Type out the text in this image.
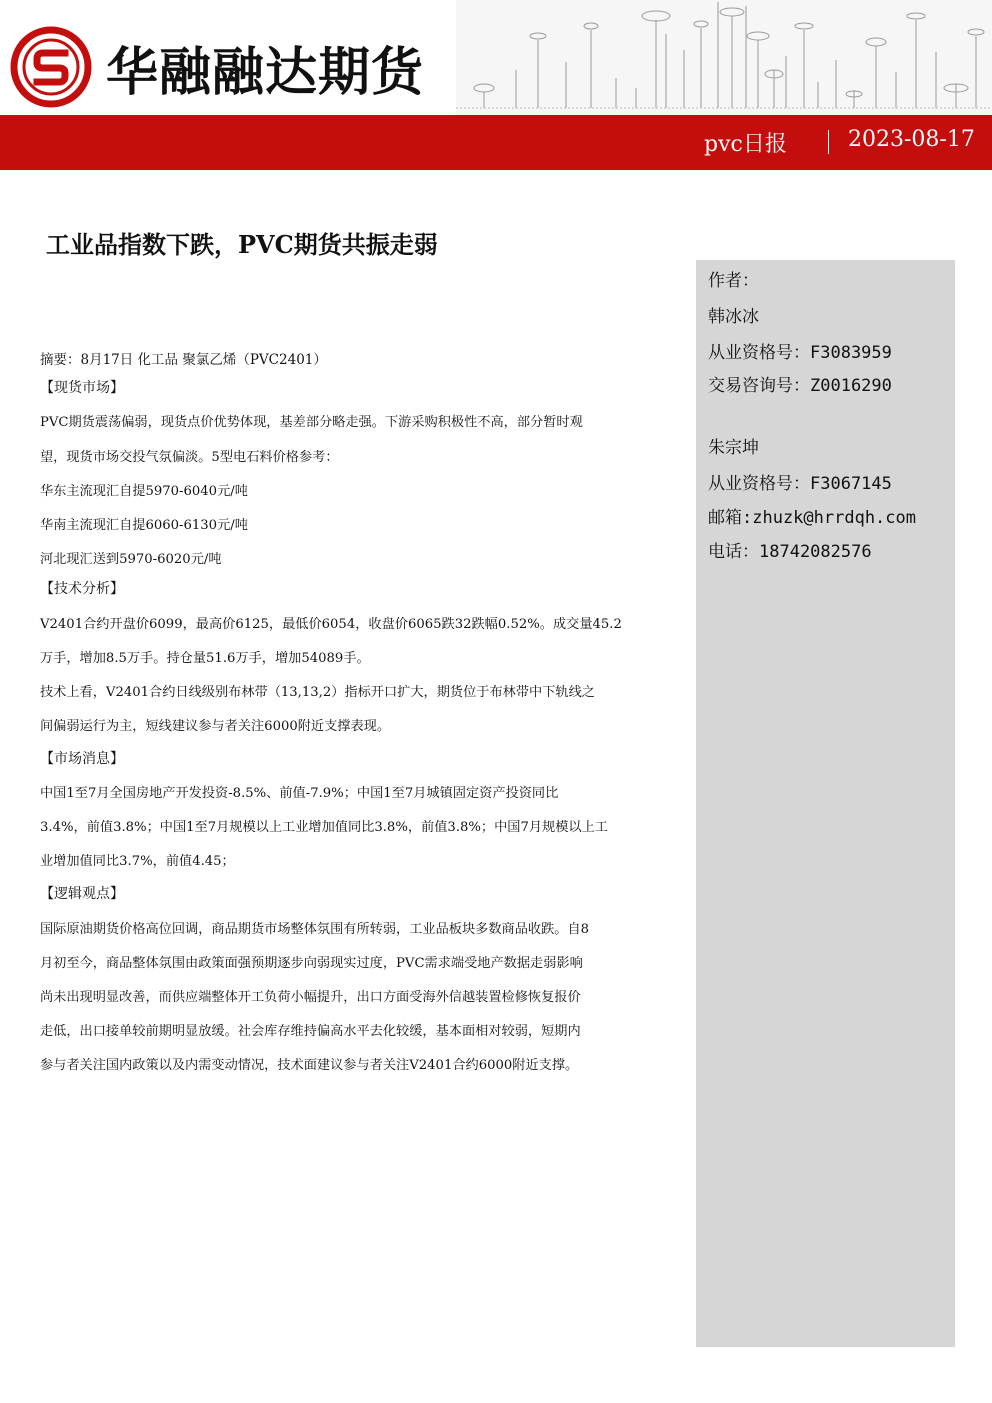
华融融达期货
pvc日报	2023-08-17
工业品指数下跌，PVC期货共振走弱
作者：
韩冰冰
从业资格号：F3083959
交易咨询号：Z0016290
朱宗坤
从业资格号：F3067145
邮箱:zhuzk@hrrdqh.com
电话：18742082576
摘要：8月17日 化工品 聚氯乙烯（PVC2401）
【现货市场】
PVC期货震荡偏弱，现货点价优势体现，基差部分略走强。下游采购积极性不高，部分暂时观
望，现货市场交投气氛偏淡。5型电石料价格参考：
华东主流现汇自提5970-6040元/吨
华南主流现汇自提6060-6130元/吨
河北现汇送到5970-6020元/吨
【技术分析】
V2401合约开盘价6099，最高价6125，最低价6054，收盘价6065跌32跌幅0.52%。成交量45.2
万手，增加8.5万手。持仓量51.6万手，增加54089手。
技术上看，V2401合约日线级别布林带（13,13,2）指标开口扩大，期货位于布林带中下轨线之
间偏弱运行为主，短线建议参与者关注6000附近支撑表现。
【市场消息】
中国1至7月全国房地产开发投资-8.5%、前值-7.9%；中国1至7月城镇固定资产投资同比
3.4%，前值3.8%；中国1至7月规模以上工业增加值同比3.8%，前值3.8%；中国7月规模以上工
业增加值同比3.7%，前值4.45；
【逻辑观点】
国际原油期货价格高位回调，商品期货市场整体氛围有所转弱，工业品板块多数商品收跌。自8
月初至今，商品整体氛围由政策面强预期逐步向弱现实过度，PVC需求端受地产数据走弱影响
尚未出现明显改善，而供应端整体开工负荷小幅提升，出口方面受海外信越装置检修恢复报价
走低，出口接单较前期明显放缓。社会库存维持偏高水平去化较缓，基本面相对较弱，短期内
参与者关注国内政策以及内需变动情况，技术面建议参与者关注V2401合约6000附近支撑。
